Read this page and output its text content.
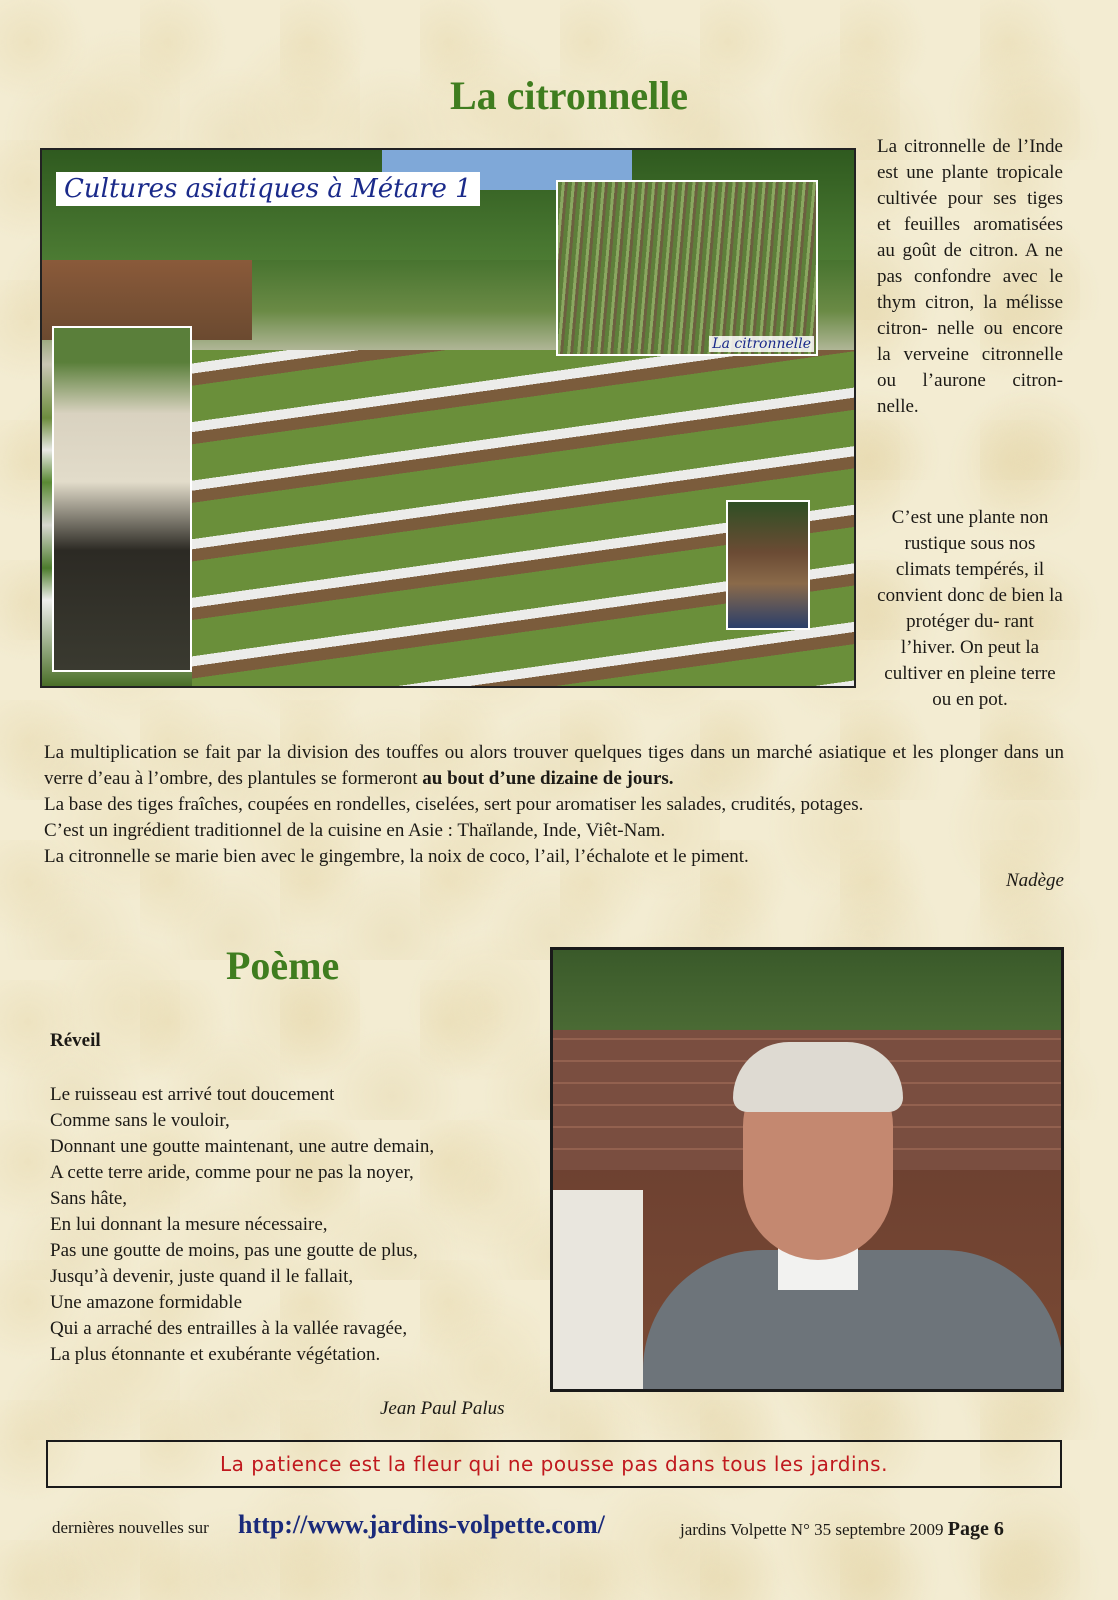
La citronnelle
Cultures asiatiques à Métare 1
La citronnelle
La citronnelle de l’Inde est une plante tropicale cultivée pour ses tiges et feuilles aromatisées au goût de citron. A ne pas confondre avec le thym citron, la mélisse citron- nelle ou encore la verveine citronnelle ou l’aurone citron- nelle.
C’est une plante non rustique sous nos climats tempérés, il convient donc de bien la protéger du- rant l’hiver. On peut la cultiver en pleine terre ou en pot.

La multiplication se fait par la division des touffes ou alors trouver quelques tiges dans un marché asiatique et les plonger dans un verre d’eau à l’ombre, des plantules se formeront au bout d’une dizaine de jours.

La base des tiges fraîches, coupées en rondelles, ciselées, sert pour aromatiser les salades, crudités, potages.

C’est un ingrédient traditionnel de la cuisine en Asie : Thaïlande, Inde, Viêt-Nam.

La citronnelle se marie bien avec le gingembre, la noix de coco, l’ail, l’échalote et le piment.

Nadège
Poème
Réveil
Le ruisseau est arrivé tout doucement
Comme sans le vouloir,
Donnant une goutte maintenant, une autre demain,
A cette terre aride, comme pour ne pas la noyer,
Sans hâte,
En lui donnant la mesure nécessaire,
Pas une goutte de moins, pas une goutte de plus,
Jusqu’à devenir, juste quand il le fallait,
Une amazone formidable
Qui a arraché des entrailles à la vallée ravagée,
La plus étonnante et exubérante végétation.
Jean Paul Palus
La patience est la fleur qui ne pousse pas dans tous les jardins.
dernières nouvelles sur http://www.jardins-volpette.com/	jardins Volpette N° 35 septembre 2009 Page 6
